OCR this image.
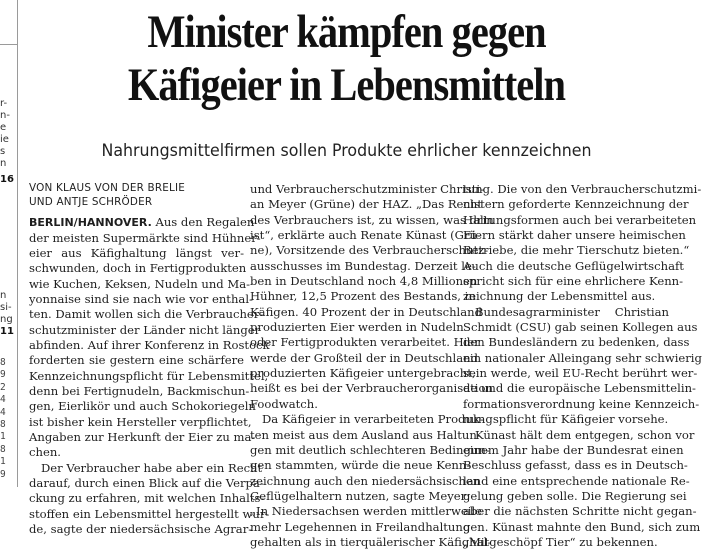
r-
n-
e
ie
s
n
16
n
si-
ng
11
8
9
2
4
4
8
1
8
1
9
Minister kämpfen gegen
Käfigeier in Lebensmitteln
Nahrungsmittelfirmen sollen Produkte ehrlicher kennzeichnen
VON KLAUS VON DER BRELIE
UND ANTJE SCHRÖDER
BERLIN/HANNOVER. Aus den Regalen
der meisten Supermärkte sind Hühner-
eier aus Käfighaltung längst ver-
schwunden, doch in Fertigprodukten
wie Kuchen, Keksen, Nudeln und Ma-
yonnaise sind sie nach wie vor enthal-
ten. Damit wollen sich die Verbraucher-
schutzminister der Länder nicht länger
abfinden. Auf ihrer Konferenz in Rostock
forderten sie gestern eine schärfere
Kennzeichnungspflicht für Lebensmittel,
denn bei Fertignudeln, Backmischun-
gen, Eierlikör und auch Schokoriegeln
ist bisher kein Hersteller verpflichtet,
Angaben zur Herkunft der Eier zu ma-
chen.
Der Verbraucher habe aber ein Recht
darauf, durch einen Blick auf die Verpa-
ckung zu erfahren, mit welchen Inhalts-
stoffen ein Lebensmittel hergestellt wur-
de, sagte der niedersächsische Agrar-
und Verbraucherschutzminister Christi-
an Meyer (Grüne) der HAZ. „Das Recht
des Verbrauchers ist, zu wissen, was drin
ist“, erklärte auch Renate Künast (Grü-
ne), Vorsitzende des Verbraucherschutz-
ausschusses im Bundestag. Derzeit le-
ben in Deutschland noch 4,8 Millionen
Hühner, 12,5 Prozent des Bestands, in
Käfigen. 40 Prozent der in Deutschland
produzierten Eier werden in Nudeln
oder Fertigprodukten verarbeitet. Hier
werde der Großteil der in Deutschland
produzierten Käfigeier untergebracht,
heißt es bei der Verbraucherorganisation
Foodwatch.
Da Käfigeier in verarbeiteten Produk-
ten meist aus dem Ausland aus Haltun-
gen mit deutlich schlechteren Bedingun-
gen stammten, würde die neue Kenn-
zeichnung auch den niedersächsischen
Geflügelhaltern nutzen, sagte Meyer:
„In Niedersachsen werden mittlerweile
mehr Legehennen in Freilandhaltung
gehalten als in tierquälerischer Käfighal-
tung. Die von den Verbraucherschutzmi-
nistern geforderte Kennzeichnung der
Haltungsformen auch bei verarbeiteten
Eiern stärkt daher unsere heimischen
Betriebe, die mehr Tierschutz bieten.“
Auch die deutsche Geflügelwirtschaft
spricht sich für eine ehrlichere Kenn-
zeichnung der Lebensmittel aus.
Bundesagrarminister Christian
Schmidt (CSU) gab seinen Kollegen aus
den Bundesländern zu bedenken, dass
ein nationaler Alleingang sehr schwierig
sein werde, weil EU-Recht berührt wer-
de und die europäische Lebensmittelin-
formationsverordnung keine Kennzeich-
nungspflicht für Käfigeier vorsehe.
Künast hält dem entgegen, schon vor
einem Jahr habe der Bundesrat einen
Beschluss gefasst, dass es in Deutsch-
land eine entsprechende nationale Re-
gelung geben solle. Die Regierung sei
aber die nächsten Schritte nicht gegan-
gen. Künast mahnte den Bund, sich zum
„Mitgeschöpf Tier“ zu bekennen.
